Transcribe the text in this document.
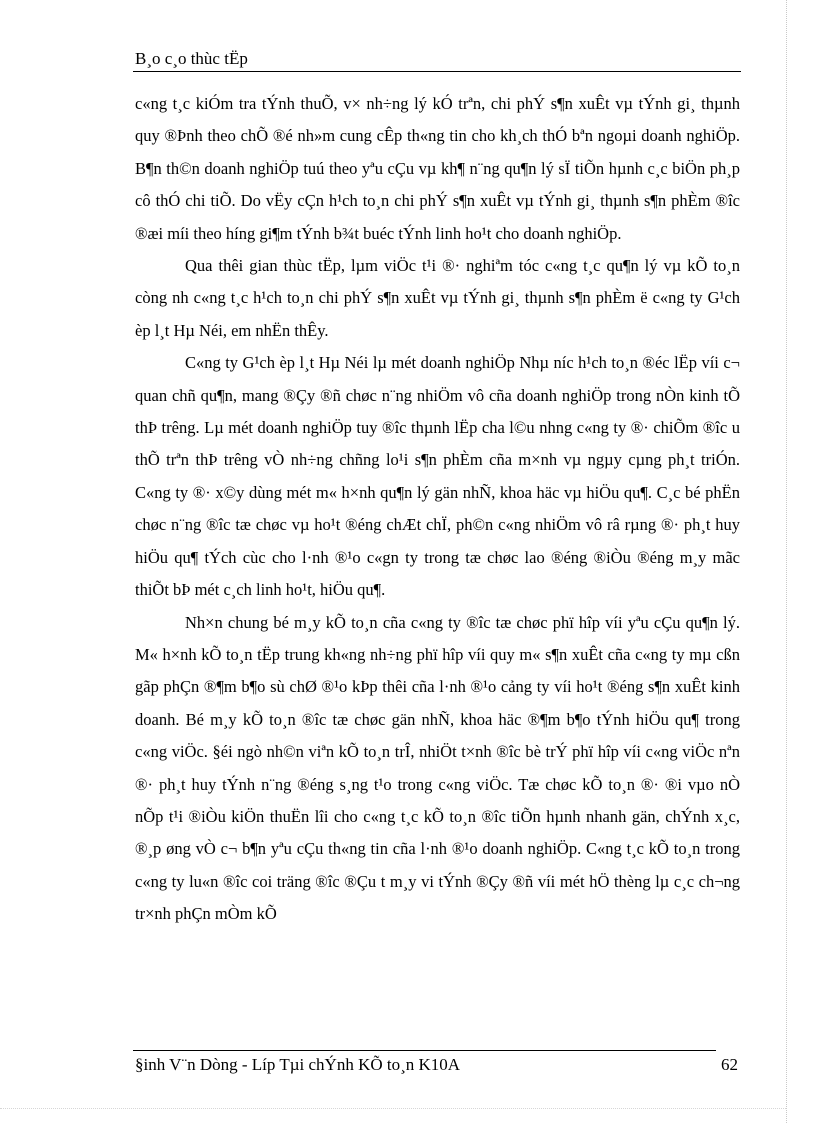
B¸o c¸o thùc tËp

c«ng t¸c kiÓm tra tÝnh thuÕ, v× nh÷ng lý kÓ trªn, chi phÝ s¶n xuÊt vµ tÝnh gi¸ thµnh quy ®Þnh theo chÕ ®é nh»m cung cÊp th«ng tin cho kh¸ch thÓ bªn ngoµi doanh nghiÖp. B¶n th©n doanh nghiÖp tuú theo yªu cÇu vµ kh¶ n¨ng qu¶n lý sÏ tiÕn hµnh c¸c biÖn ph¸p cô thÓ chi tiÕ. Do vËy cÇn h¹ch to¸n chi phÝ s¶n xuÊt vµ tÝnh gi¸ thµnh s¶n phÈm ®îc ®æi míi theo híng gi¶m tÝnh b¾t buéc tÝnh linh ho¹t cho doanh nghiÖp.

Qua thêi gian thùc tËp, lµm viÖc t¹i ®· nghiªm tóc c«ng t¸c qu¶n lý vµ kÕ to¸n còng nh c«ng t¸c h¹ch to¸n chi phÝ s¶n xuÊt vµ tÝnh gi¸ thµnh s¶n phÈm ë c«ng ty G¹ch èp l¸t Hµ Néi, em nhËn thÊy.

C«ng ty G¹ch èp l¸t Hµ Néi lµ mét doanh nghiÖp Nhµ níc h¹ch to¸n ®éc lËp víi c¬ quan chñ qu¶n, mang ®Çy ®ñ chøc n¨ng nhiÖm vô cña doanh nghiÖp trong nÒn kinh tÕ thÞ trêng. Lµ mét doanh nghiÖp tuy ®îc thµnh lËp cha l©u nhng c«ng ty ®· chiÕm ®îc u thÕ trªn thÞ trêng vÒ nh÷ng chñng lo¹i s¶n phÈm cña m×nh vµ ngµy cµng ph¸t triÓn. C«ng ty ®· x©y dùng mét m« h×nh qu¶n lý gän nhÑ, khoa häc vµ hiÖu qu¶. C¸c bé phËn chøc n¨ng ®îc tæ chøc vµ ho¹t ®éng chÆt chÏ, ph©n c«ng nhiÖm vô râ rµng ®· ph¸t huy hiÖu qu¶ tÝch cùc cho l·nh ®¹o c«gn ty trong tæ chøc lao ®éng ®iÒu ®éng m¸y mãc thiÕt bÞ mét c¸ch linh ho¹t, hiÖu qu¶.

Nh×n chung bé m¸y kÕ to¸n cña c«ng ty ®îc tæ chøc phï hîp víi yªu cÇu qu¶n lý. M« h×nh kÕ to¸n tËp trung kh«ng nh÷ng phï hîp víi quy m« s¶n xuÊt cña c«ng ty mµ cßn gãp phÇn ®¶m b¶o sù chØ ®¹o kÞp thêi cña l·nh ®¹o cảng ty víi ho¹t ®éng s¶n xuÊt kinh doanh. Bé m¸y kÕ to¸n ®îc tæ chøc gän nhÑ, khoa häc ®¶m b¶o tÝnh hiÖu qu¶ trong c«ng viÖc. §éi ngò nh©n viªn kÕ to¸n trÎ, nhiÖt t×nh ®îc bè trÝ phï hîp víi c«ng viÖc nªn ®· ph¸t huy tÝnh n¨ng ®éng s¸ng t¹o trong c«ng viÖc. Tæ chøc kÕ to¸n ®· ®i vµo nÒ nÕp t¹i ®iÒu kiÖn thuËn lîi cho c«ng t¸c kÕ to¸n ®îc tiÕn hµnh nhanh gän, chÝnh x¸c, ®¸p øng vÒ c¬ b¶n yªu cÇu th«ng tin cña l·nh ®¹o doanh nghiÖp. C«ng t¸c kÕ to¸n trong c«ng ty lu«n ®îc coi träng ®îc ®Çu t m¸y vi tÝnh ®Çy ®ñ víi mét hÖ thèng lµ c¸c ch¬ng tr×nh phÇn mÒm kÕ

§inh V¨n Dòng - Líp Tµi chÝnh KÕ to¸n K10A	62
